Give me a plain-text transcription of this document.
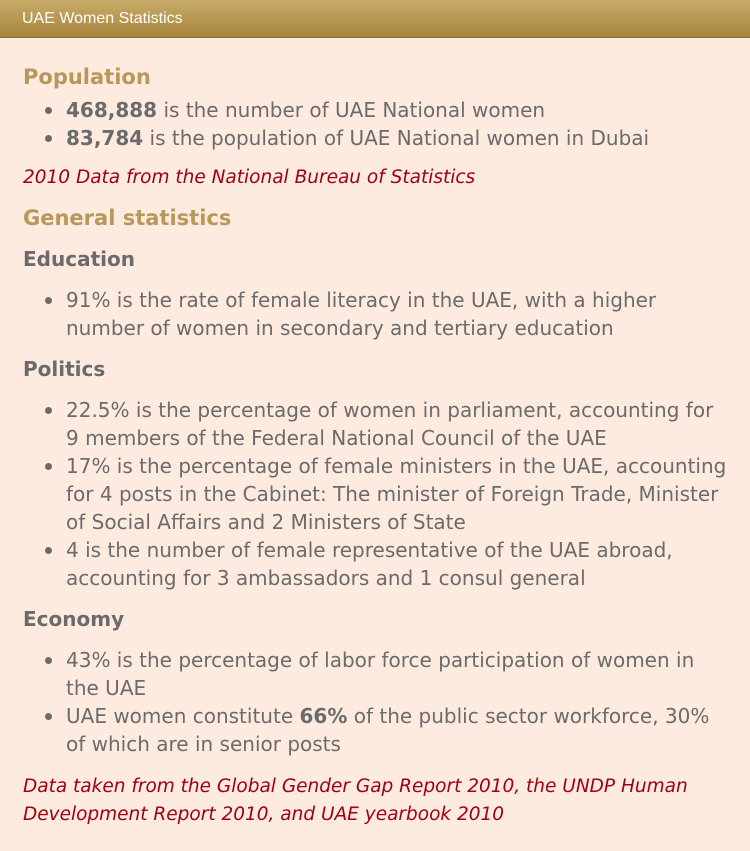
UAE Women Statistics
Population
468,888 is the number of UAE National women
83,784 is the population of UAE National women in Dubai

2010 Data from the National Bureau of Statistics

General statistics
Education
91% is the rate of female literacy in the UAE, with a higher number of women in secondary and tertiary education
Politics
22.5% is the percentage of women in parliament, accounting for 9 members of the Federal National Council of the UAE
17% is the percentage of female ministers in the UAE, accounting for 4 posts in the Cabinet: The minister of Foreign Trade, Minister of Social Affairs and 2 Ministers of State
4 is the number of female representative of the UAE abroad, accounting for 3 ambassadors and 1 consul general
Economy
43% is the percentage of labor force participation of women in the UAE
UAE women constitute 66% of the public sector workforce, 30% of which are in senior posts

Data taken from the Global Gender Gap Report 2010, the UNDP Human Development Report 2010, and UAE yearbook 2010
